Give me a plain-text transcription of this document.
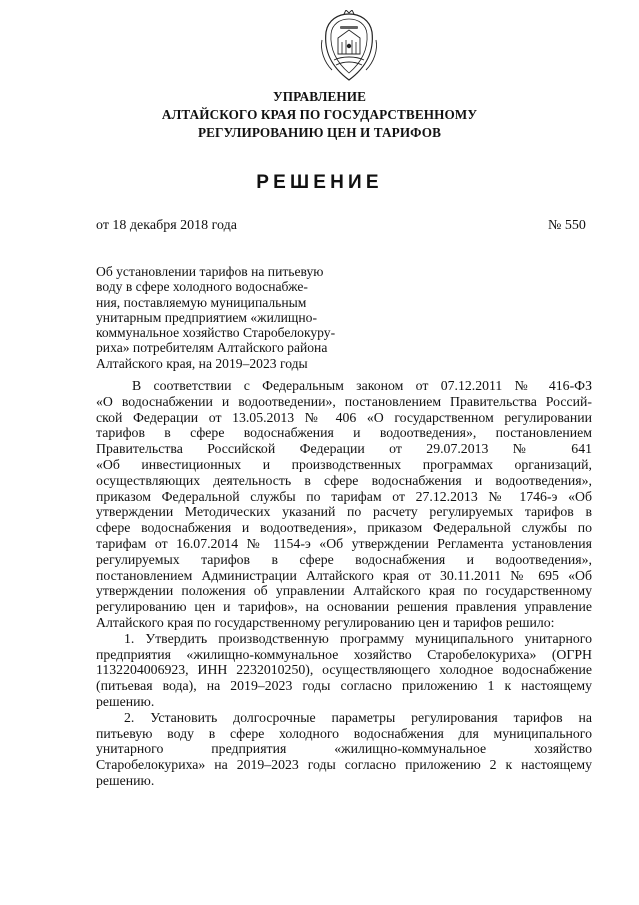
УПРАВЛЕНИЕ
АЛТАЙСКОГО КРАЯ ПО ГОСУДАРСТВЕННОМУ
РЕГУЛИРОВАНИЮ ЦЕН И ТАРИФОВ
РЕШЕНИЕ
от 18 декабря 2018 года	№ 550
Об установлении тарифов на питьевую
воду в сфере холодного водоснабже-
ния, поставляемую муниципальным
унитарным предприятием «жилищно-
коммунальное хозяйство Старобелокуру-
риха» потребителям Алтайского района
Алтайского края, на 2019–2023 годы
В соответствии с Федеральным законом от 07.12.2011 № 416-ФЗ
«О водоснабжении и водоотведении», постановлением Правительства Россий-
ской Федерации от 13.05.2013 № 406 «О государственном регулировании
тарифов в сфере водоснабжения и водоотведения», постановлением
Правительства Российской Федерации от 29.07.2013 № 641
«Об инвестиционных и производственных программах организаций,
осуществляющих деятельность в сфере водоснабжения и водоотведения»,
приказом Федеральной службы по тарифам от 27.12.2013 № 1746-э «Об
утверждении Методических указаний по расчету регулируемых тарифов в
сфере водоснабжения и водоотведения», приказом Федеральной службы по
тарифам от 16.07.2014 № 1154-э «Об утверждении Регламента установления
регулируемых тарифов в сфере водоснабжения и водоотведения»,
постановлением Администрации Алтайского края от 30.11.2011 № 695 «Об
утверждении положения об управлении Алтайского края по государственному
регулированию цен и тарифов», на основании решения правления управление
Алтайского края по государственному регулированию цен и тарифов решило:
1. Утвердить производственную программу муниципального унитарного
предприятия «жилищно-коммунальное хозяйство Старобелокуриха» (ОГРН
1132204006923, ИНН 2232010250), осуществляющего холодное водоснабжение
(питьевая вода), на 2019–2023 годы согласно приложению 1 к настоящему
решению.
2. Установить долгосрочные параметры регулирования тарифов на
питьевую воду в сфере холодного водоснабжения для муниципального
унитарного предприятия «жилищно-коммунальное хозяйство
Старобелокуриха» на 2019–2023 годы согласно приложению 2 к настоящему
решению.
